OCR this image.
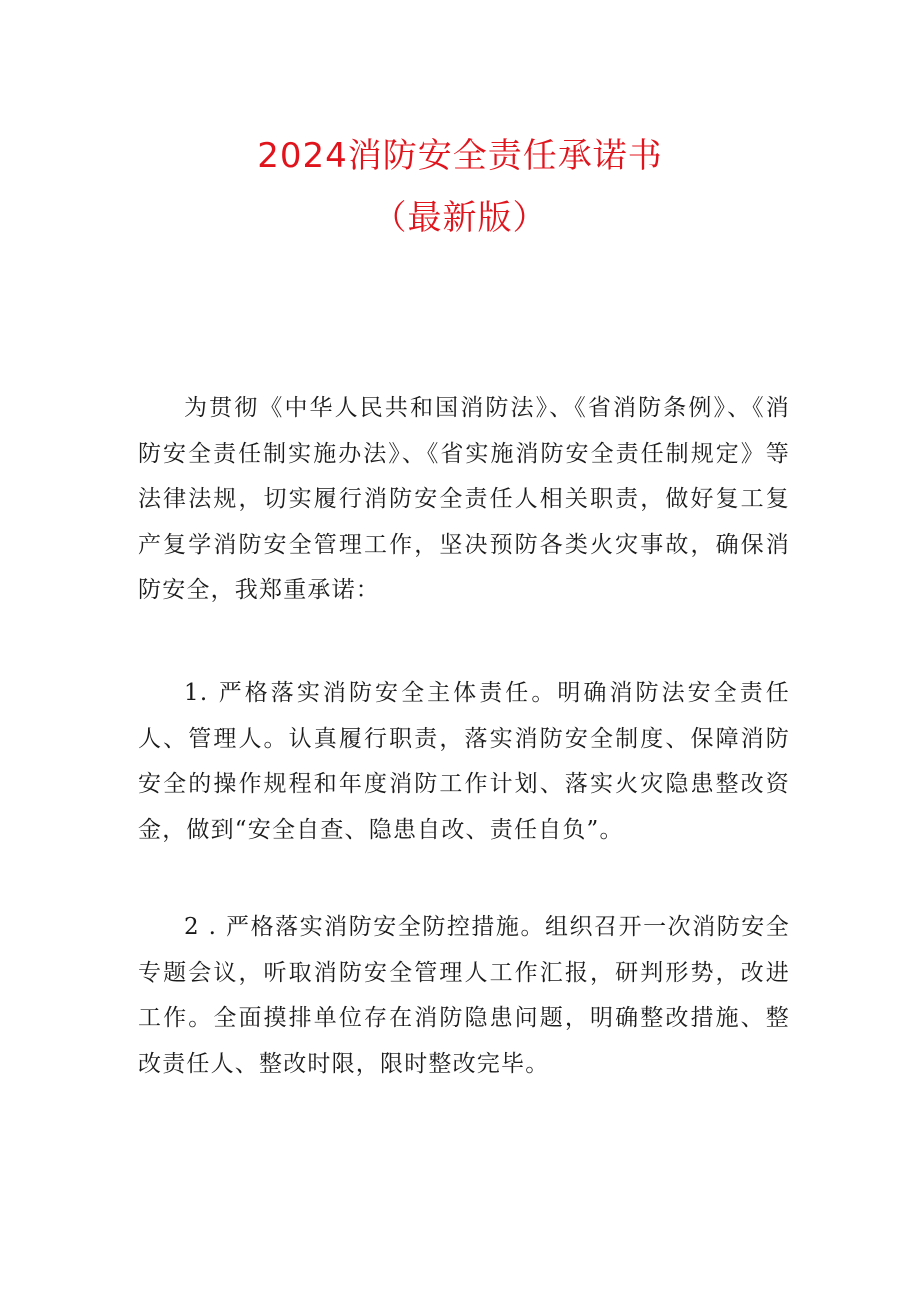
2024消防安全责任承诺书
（最新版）

为贯彻《中华人民共和国消防法》、《省消防条例》、《消防安全责任制实施办法》、《省实施消防安全责任制规定》等法律法规，切实履行消防安全责任人相关职责，做好复工复产复学消防安全管理工作，坚决预防各类火灾事故，确保消防安全，我郑重承诺：

1. 严格落实消防安全主体责任。明确消防法安全责任人、管理人。认真履行职责，落实消防安全制度、保障消防安全的操作规程和年度消防工作计划、落实火灾隐患整改资金，做到“安全自查、隐患自改、责任自负”。

2 . 严格落实消防安全防控措施。组织召开一次消防安全专题会议，听取消防安全管理人工作汇报，研判形势，改进工作。全面摸排单位存在消防隐患问题，明确整改措施、整改责任人、整改时限，限时整改完毕。
